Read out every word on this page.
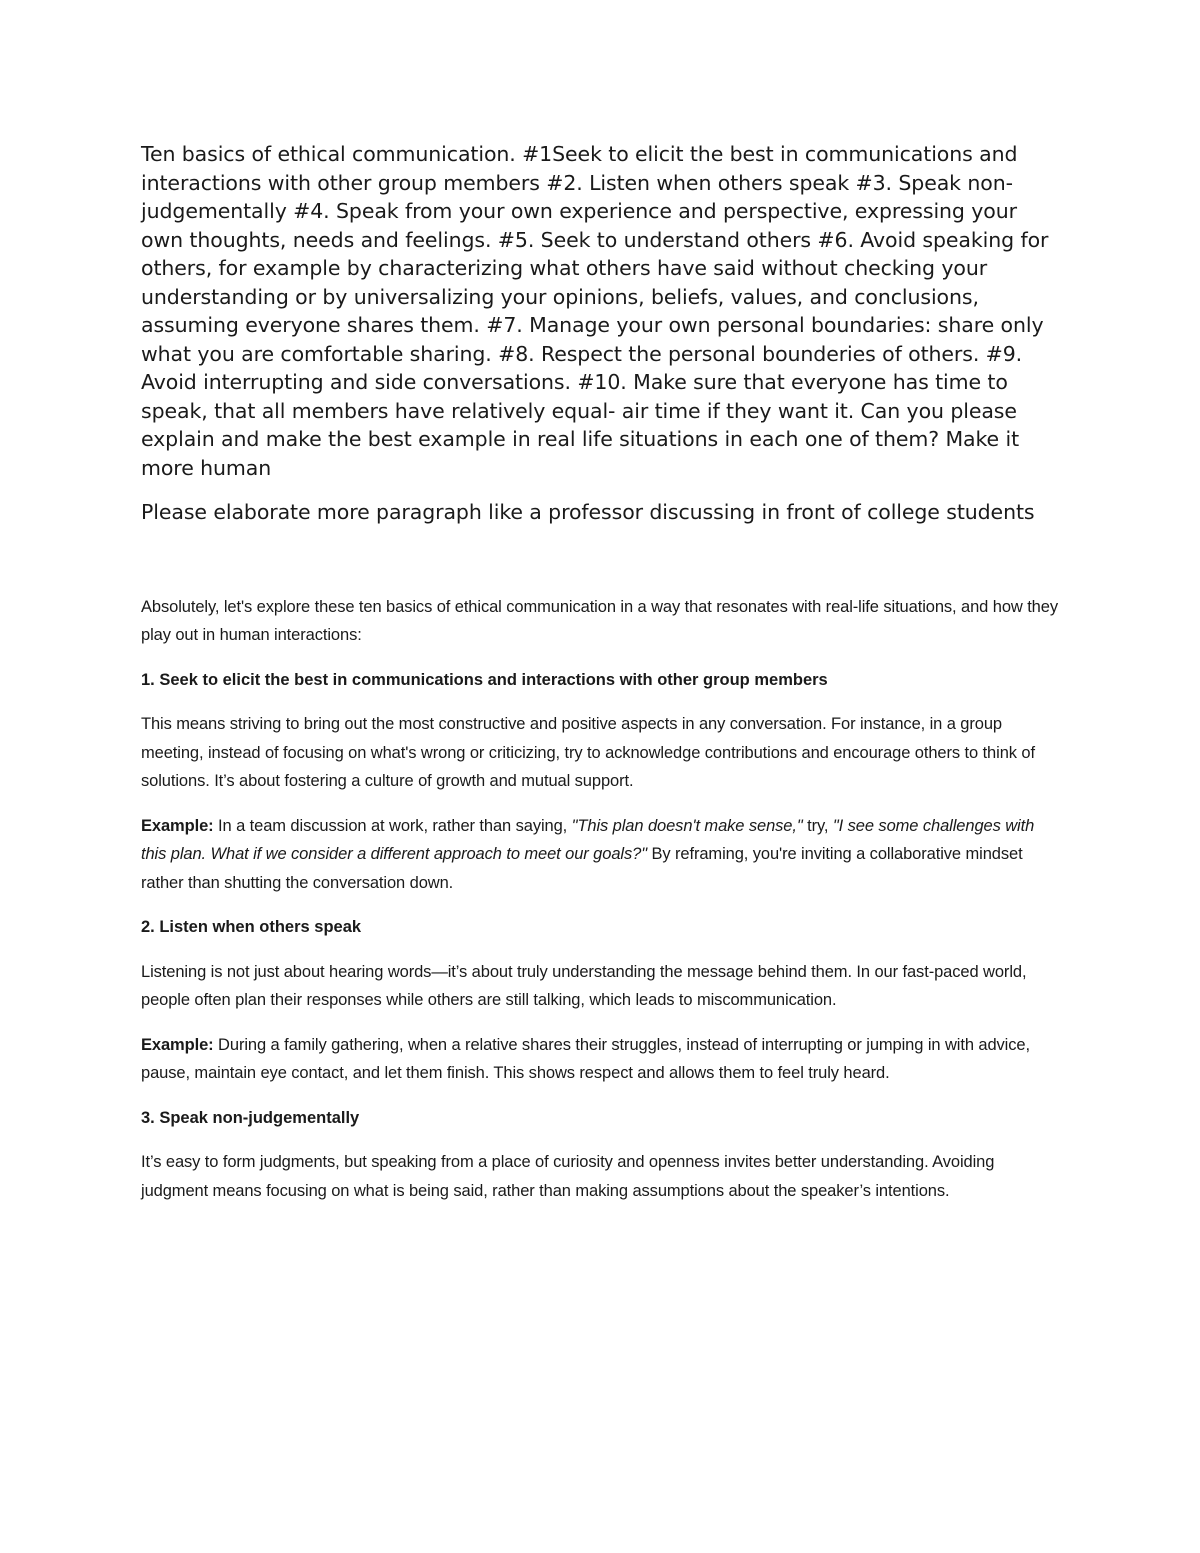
Ten basics of ethical communication. #1Seek to elicit the best in communications and interactions with other group members #2. Listen when others speak #3. Speak non-judgementally #4. Speak from your own experience and perspective, expressing your own thoughts, needs and feelings. #5. Seek to understand others #6. Avoid speaking for others, for example by characterizing what others have said without checking your understanding or by universalizing your opinions, beliefs, values, and conclusions, assuming everyone shares them. #7. Manage your own personal boundaries: share only what you are comfortable sharing. #8. Respect the personal bounderies of others. #9. Avoid interrupting and side conversations. #10. Make sure that everyone has time to speak, that all members have relatively equal- air time if they want it. Can you please explain and make the best example in real life situations in each one of them? Make it more human

Please elaborate more paragraph like a professor discussing in front of college students

Absolutely, let's explore these ten basics of ethical communication in a way that resonates with real-life situations, and how they play out in human interactions:

1. Seek to elicit the best in communications and interactions with other group members

This means striving to bring out the most constructive and positive aspects in any conversation. For instance, in a group meeting, instead of focusing on what's wrong or criticizing, try to acknowledge contributions and encourage others to think of solutions. It’s about fostering a culture of growth and mutual support.

Example: In a team discussion at work, rather than saying, "This plan doesn't make sense," try, "I see some challenges with this plan. What if we consider a different approach to meet our goals?" By reframing, you're inviting a collaborative mindset rather than shutting the conversation down.

2. Listen when others speak

Listening is not just about hearing words—it’s about truly understanding the message behind them. In our fast-paced world, people often plan their responses while others are still talking, which leads to miscommunication.

Example: During a family gathering, when a relative shares their struggles, instead of interrupting or jumping in with advice, pause, maintain eye contact, and let them finish. This shows respect and allows them to feel truly heard.

3. Speak non-judgementally

It’s easy to form judgments, but speaking from a place of curiosity and openness invites better understanding. Avoiding judgment means focusing on what is being said, rather than making assumptions about the speaker’s intentions.
